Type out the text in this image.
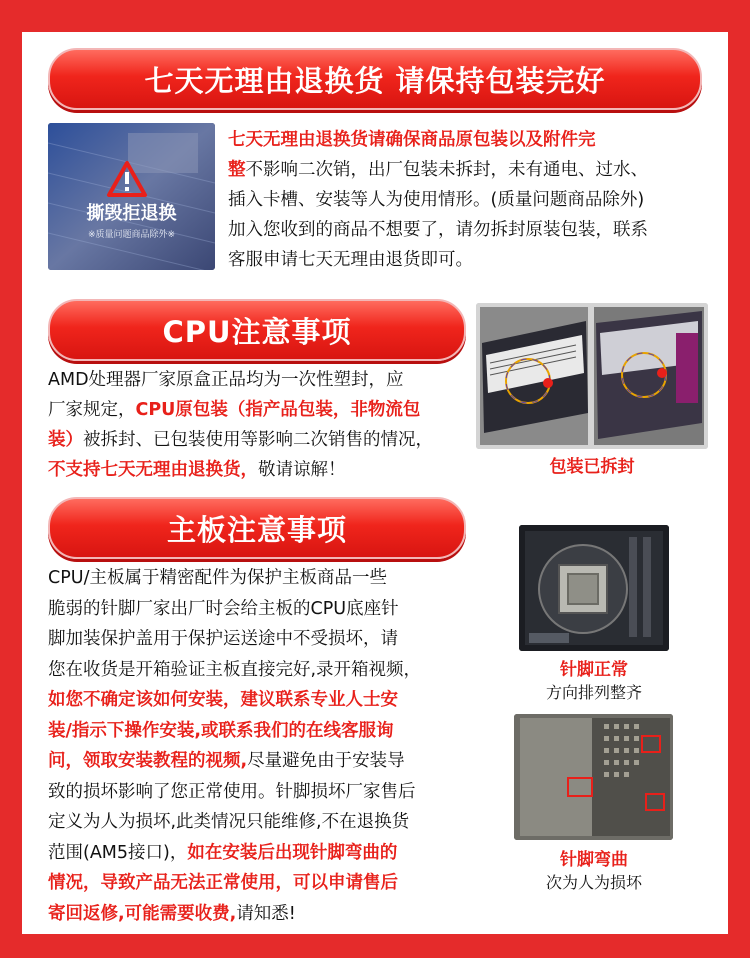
七天无理由退换货 请保持包装完好
撕毁拒退换
※质量问题商品除外※
七天无理由退换货请确保商品原包装以及附件完
整不影响二次销，出厂包装未拆封，未有通电、过水、
插入卡槽、安装等人为使用情形。(质量问题商品除外)
加入您收到的商品不想要了，请勿拆封原装包装，联系
客服申请七天无理由退货即可。
CPU注意事项
包装已拆封
AMD处理器厂家原盒正品均为一次性塑封，应
厂家规定，CPU原包装（指产品包装，非物流包
装）被拆封、已包装使用等影响二次销售的情况，
不支持七天无理由退换货，敬请谅解！
主板注意事项
针脚正常
方向排列整齐
针脚弯曲
次为人为损坏
CPU/主板属于精密配件为保护主板商品一些
脆弱的针脚厂家出厂时会给主板的CPU底座针
脚加装保护盖用于保护运送途中不受损坏，请
您在收货是开箱验证主板直接完好,录开箱视频，
如您不确定该如何安装，建议联系专业人士安
装/指示下操作安装,或联系我们的在线客服询
问，领取安装教程的视频,尽量避免由于安装导
致的损坏影响了您正常使用。针脚损坏厂家售后
定义为人为损坏,此类情况只能维修,不在退换货
范围(AM5接口)，如在安装后出现针脚弯曲的
情况，导致产品无法正常使用，可以申请售后
寄回返修,可能需要收费,请知悉!
